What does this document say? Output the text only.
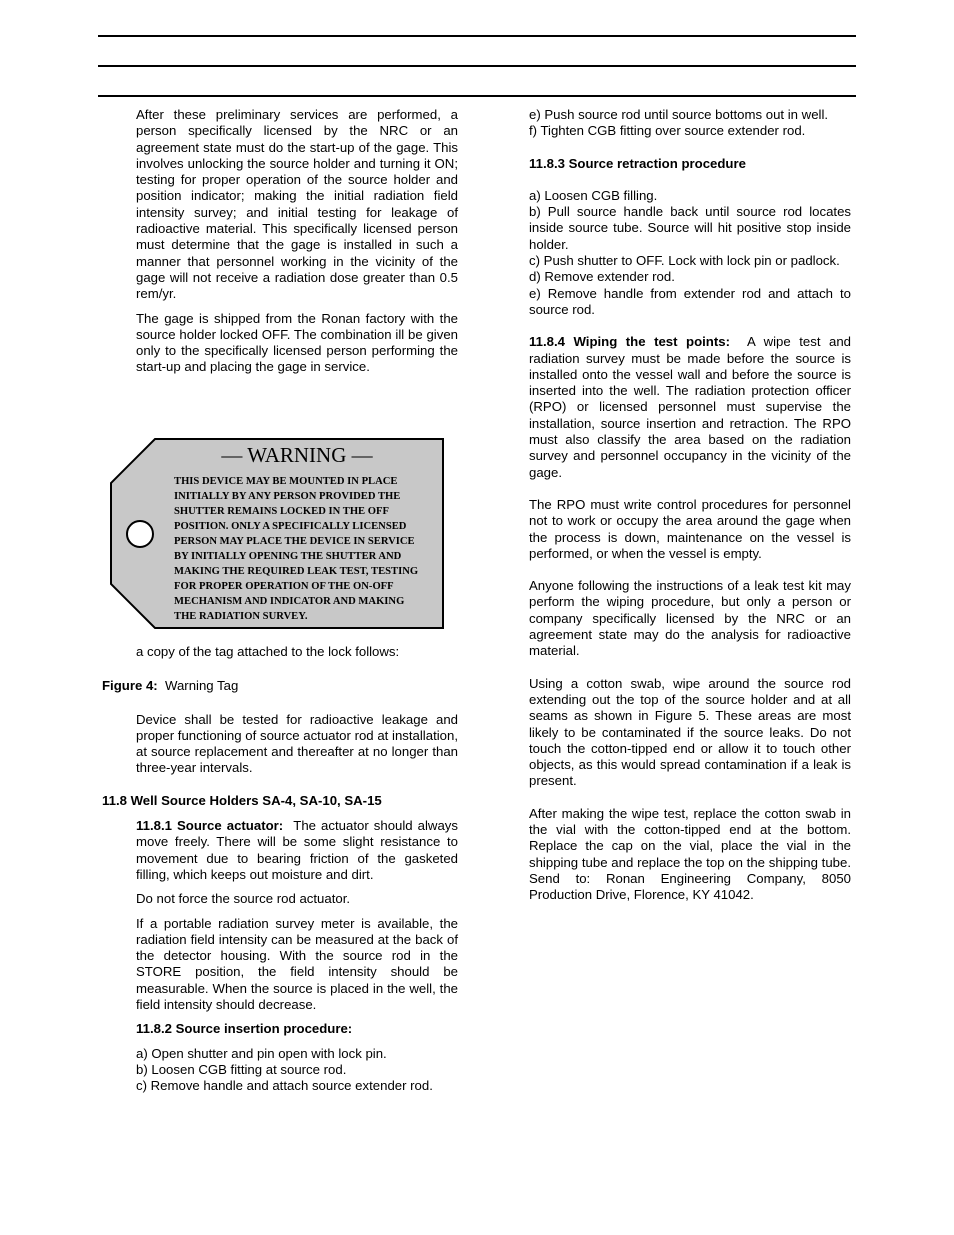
After these preliminary services are performed, a person specifically licensed by the NRC or an agreement state must do the start-up of the gage. This involves unlocking the source holder and turning it ON; testing for proper operation of the source holder and position indicator; making the initial radiation field intensity survey; and initial testing for leakage of radioactive material. This specifically licensed person must determine that the gage is installed in such a manner that personnel working in the vicinity of the gage will not receive a radiation dose greater than 0.5 rem/yr.

The gage is shipped from the Ronan factory with the source holder locked OFF. The combination ill be given only to the specifically licensed person performing the start-up and placing the gage in service.

— WARNING —
THIS DEVICE MAY BE MOUNTED IN PLACE
INITIALLY BY ANY PERSON PROVIDED THE
SHUTTER REMAINS LOCKED IN THE OFF
POSITION. ONLY A SPECIFICALLY LICENSED
PERSON MAY PLACE THE DEVICE IN SERVICE
BY INITIALLY OPENING THE SHUTTER AND
MAKING THE REQUIRED LEAK TEST, TESTING
FOR PROPER OPERATION OF THE ON-OFF
MECHANISM AND INDICATOR AND MAKING
THE RADIATION SURVEY.

a copy of the tag attached to the lock follows:

Figure 4: Warning Tag

Device shall be tested for radioactive leakage and proper functioning of source actuator rod at installation, at source replacement and thereafter at no longer than three-year intervals.

11.8 Well Source Holders SA-4, SA-10, SA-15

11.8.1 Source actuator: The actuator should always move freely. There will be some slight resistance to movement due to bearing friction of the gasketed filling, which keeps out moisture and dirt.

Do not force the source rod actuator.

If a portable radiation survey meter is available, the radiation field intensity can be measured at the back of the detector housing. With the source rod in the STORE position, the field intensity should be measurable. When the source is placed in the well, the field intensity should decrease.

11.8.2 Source insertion procedure:

a) Open shutter and pin open with lock pin.
b) Loosen CGB fitting at source rod.
c) Remove handle and attach source extender rod.

e) Push source rod until source bottoms out in well.

f) Tighten CGB fitting over source extender rod.

11.8.3 Source retraction procedure

a) Loosen CGB filling.

b) Pull source handle back until source rod locates inside source tube. Source will hit positive stop inside holder.

c) Push shutter to OFF. Lock with lock pin or padlock.

d) Remove extender rod.

e) Remove handle from extender rod and attach to source rod.

11.8.4 Wiping the test points: A wipe test and radiation survey must be made before the source is installed onto the vessel wall and before the source is inserted into the well. The radiation protection officer (RPO) or licensed personnel must supervise the installation, source insertion and retraction. The RPO must also classify the area based on the radiation survey and personnel occupancy in the vicinity of the gage.

The RPO must write control procedures for personnel not to work or occupy the area around the gage when the process is down, maintenance on the vessel is performed, or when the vessel is empty.

Anyone following the instructions of a leak test kit may perform the wiping procedure, but only a person or company specifically licensed by the NRC or an agreement state may do the analysis for radioactive material.

Using a cotton swab, wipe around the source rod extending out the top of the source holder and at all seams as shown in Figure 5. These areas are most likely to be contaminated if the source leaks. Do not touch the cotton-tipped end or allow it to touch other objects, as this would spread contamination if a leak is present.

After making the wipe test, replace the cotton swab in the vial with the cotton-tipped end at the bottom. Replace the cap on the vial, place the vial in the shipping tube and replace the top on the shipping tube. Send to: Ronan Engineering Company, 8050 Production Drive, Florence, KY 41042.
